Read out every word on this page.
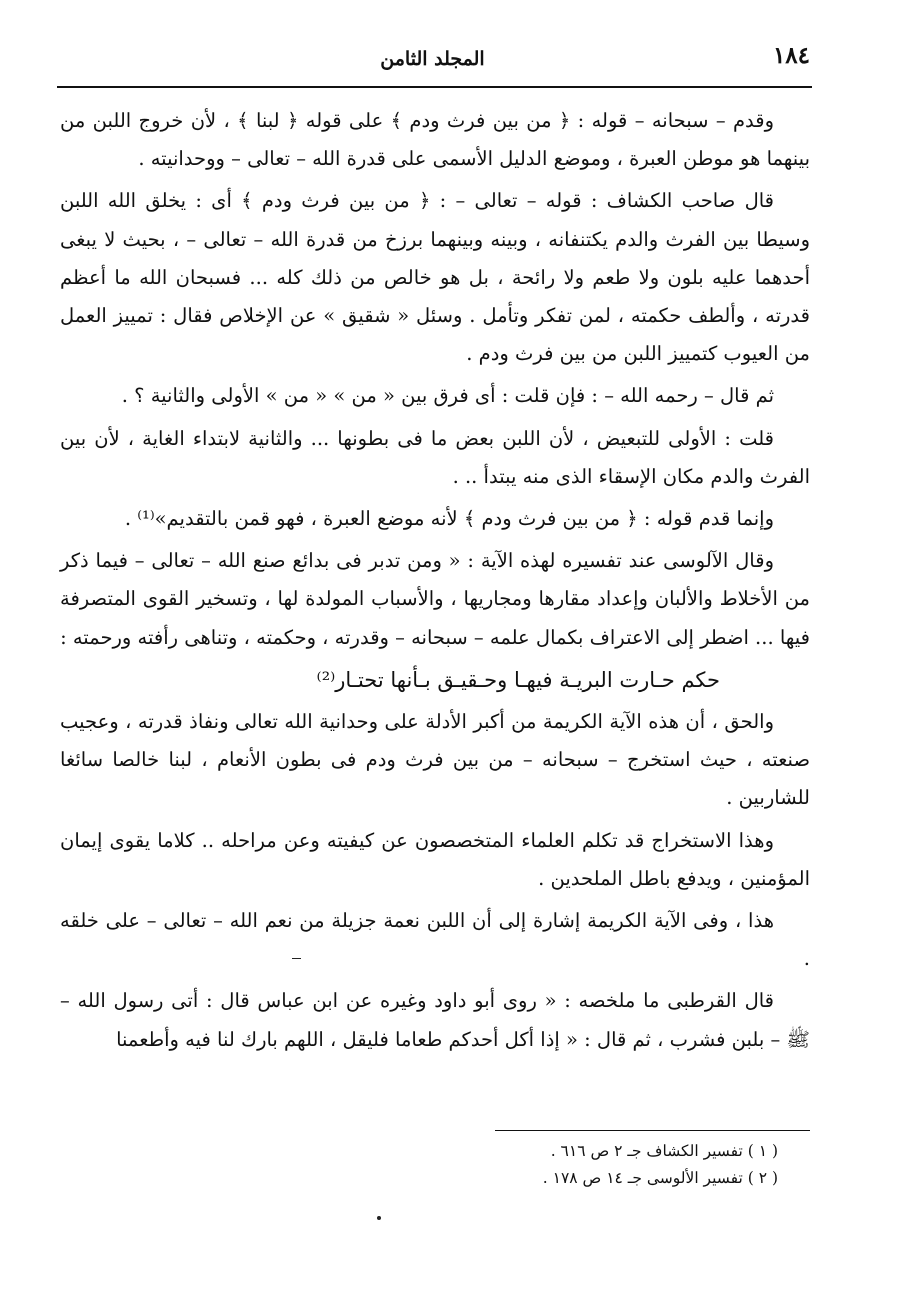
١٨٤
المجلد الثامن

وقدم – سبحانه – قوله : ﴿ من بين فرث ودم ﴾ على قوله ﴿ لبنا ﴾ ، لأن خروج اللبن من بينهما هو موطن العبرة ، وموضع الدليل الأسمى على قدرة الله – تعالى – ووحدانيته .

قال صاحب الكشاف : قوله – تعالى – : ﴿ من بين فرث ودم ﴾ أى : يخلق الله اللبن وسيطا بين الفرث والدم يكتنفانه ، وبينه وبينهما برزخ من قدرة الله – تعالى – ، بحيث لا يبغى أحدهما عليه بلون ولا طعم ولا رائحة ، بل هو خالص من ذلك كله ... فسبحان الله ما أعظم قدرته ، وألطف حكمته ، لمن تفكر وتأمل . وسئل « شقيق » عن الإخلاص فقال : تمييز العمل من العيوب كتمييز اللبن من بين فرث ودم .

ثم قال – رحمه الله – : فإن قلت : أى فرق بين « من » « من » الأولى والثانية ؟ .

قلت : الأولى للتبعيض ، لأن اللبن بعض ما فى بطونها ... والثانية لابتداء الغاية ، لأن بين الفرث والدم مكان الإسقاء الذى منه يبتدأ .. .

وإنما قدم قوله : ﴿ من بين فرث ودم ﴾ لأنه موضع العبرة ، فهو قمن بالتقديم»⁽¹⁾ .

وقال الآلوسى عند تفسيره لهذه الآية : « ومن تدبر فى بدائع صنع الله – تعالى – فيما ذكر من الأخلاط والألبان وإعداد مقارها ومجاريها ، والأسباب المولدة لها ، وتسخير القوى المتصرفة فيها ... اضطر إلى الاعتراف بكمال علمه – سبحانه – وقدرته ، وحكمته ، وتناهى رأفته ورحمته :

حكم حـارت البريـة فيهـا وحـقيـق بـأنها تحتـار⁽²⁾

والحق ، أن هذه الآية الكريمة من أكبر الأدلة على وحدانية الله تعالى ونفاذ قدرته ، وعجيب صنعته ، حيث استخرج – سبحانه – من بين فرث ودم فى بطون الأنعام ، لبنا خالصا سائغا للشاربين .

وهذا الاستخراج قد تكلم العلماء المتخصصون عن كيفيته وعن مراحله .. كلاما يقوى إيمان المؤمنين ، ويدفع باطل الملحدين .

هذا ، وفى الآية الكريمة إشارة إلى أن اللبن نعمة جزيلة من نعم الله – تعالى – على خلقه .

قال القرطبى ما ملخصه : « روى أبو داود وغيره عن ابن عباس قال : أتى رسول الله – ﷺ – بلبن فشرب ، ثم قال : « إذا أكل أحدكم طعاما فليقل ، اللهم بارك لنا فيه وأطعمنا

( ١ ) تفسير الكشاف جـ ٢ ص ٦١٦ .

( ٢ ) تفسير الألوسى جـ ١٤ ص ١٧٨ .
